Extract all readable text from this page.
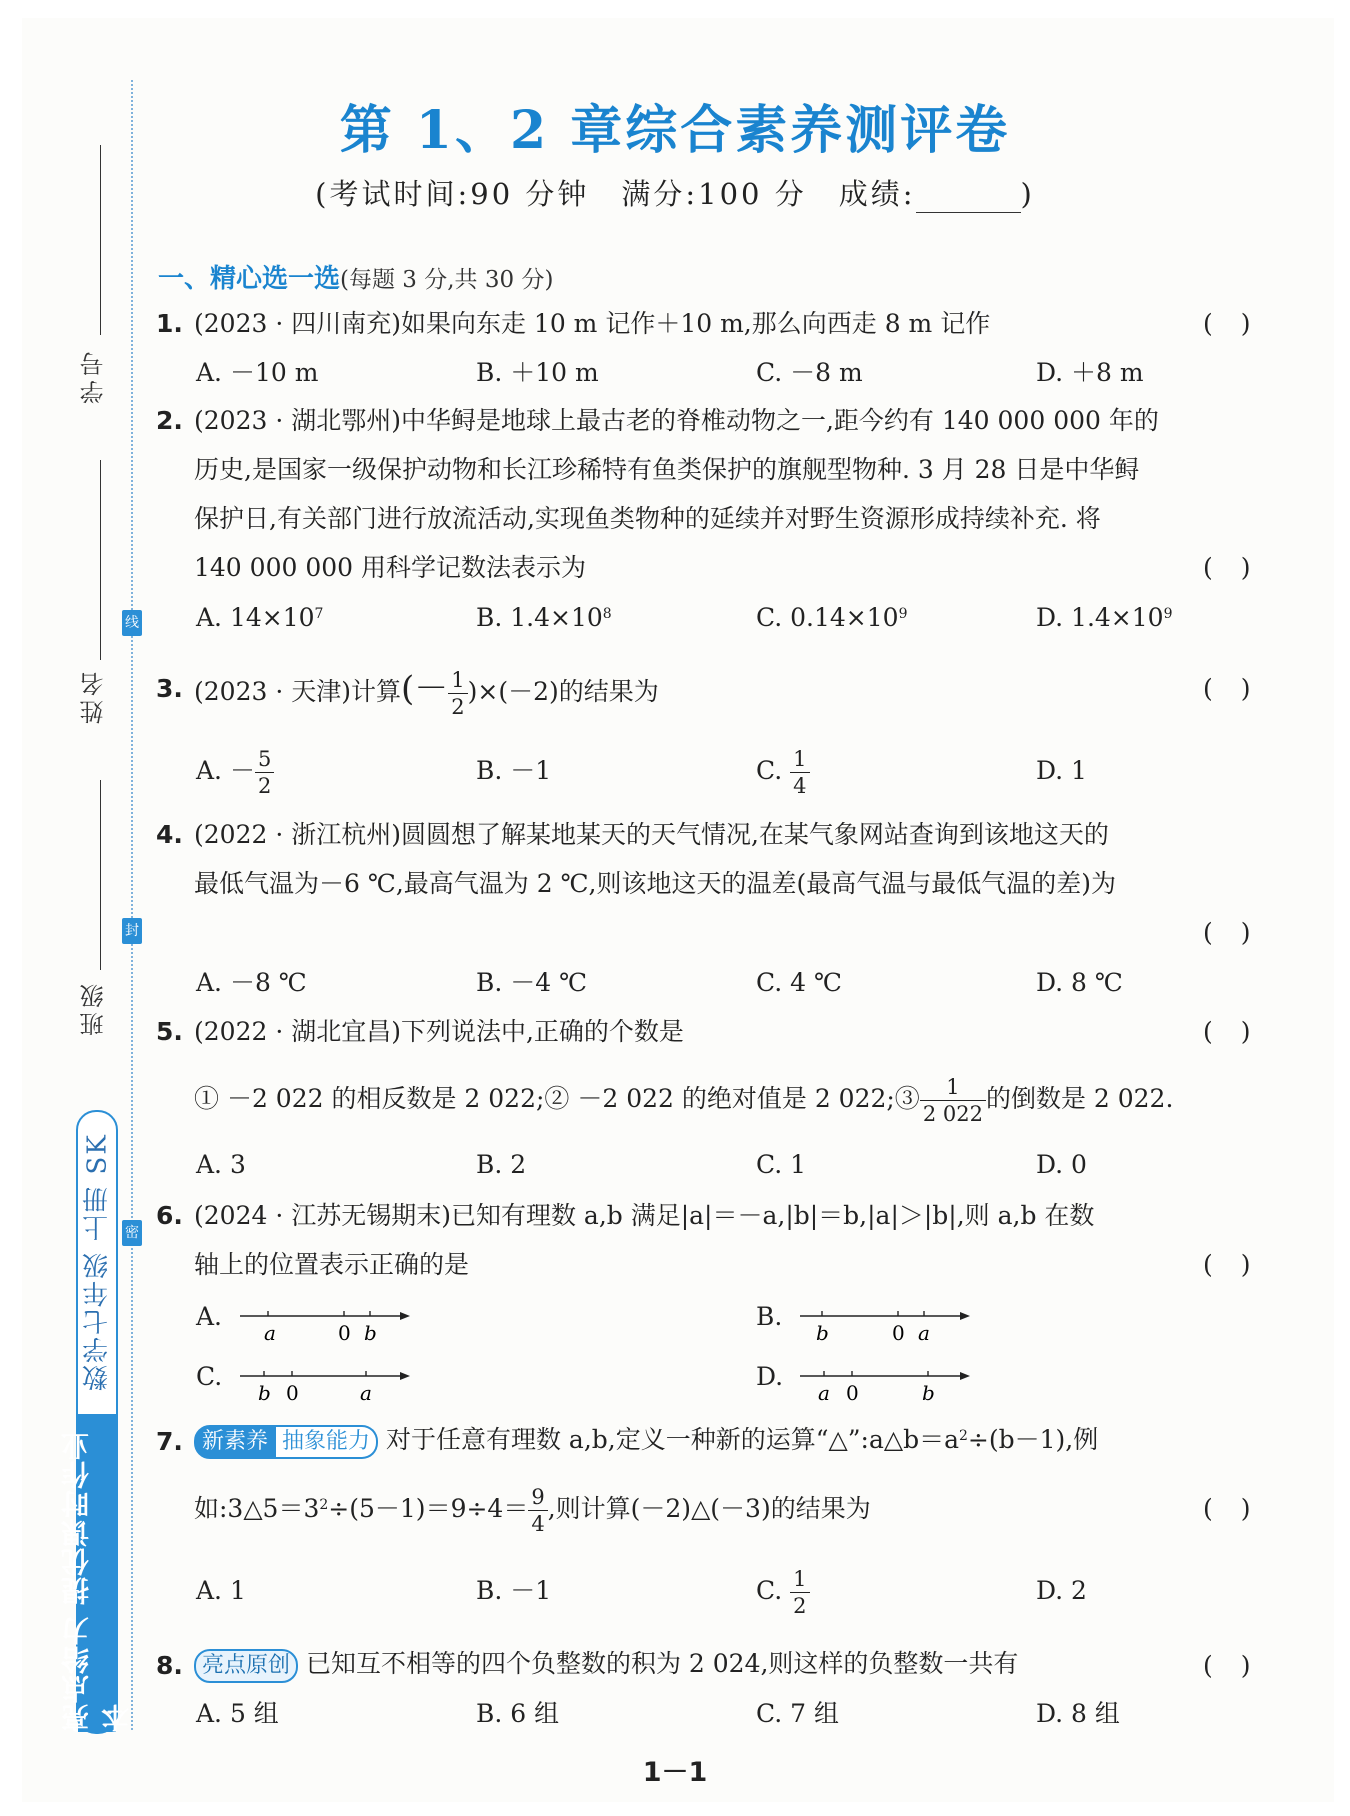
线
封
密
学号
姓名
班级
数学七年级 上册 SK
亮点给力 提优课时作业本
第 1、2 章综合素养测评卷
(考试时间:90 分钟　满分:100 分　成绩:	)
一、精心选一选(每题 3 分,共 30 分)
1. (2023 · 四川南充)如果向东走 10 m 记作＋10 m,那么向西走 8 m 记作	()
A. －10 m	B. ＋10 m	C. －8 m	D. ＋8 m
2. (2023 · 湖北鄂州)中华鲟是地球上最古老的脊椎动物之一,距今约有 140 000 000 年的
历史,是国家一级保护动物和长江珍稀特有鱼类保护的旗舰型物种. 3 月 28 日是中华鲟
保护日,有关部门进行放流活动,实现鱼类物种的延续并对野生资源形成持续补充. 将
140 000 000 用科学记数法表示为	()
A. $14\times 10^7$	B. $1.4\times 10^8$	C. $0.14\times 10^9$	D. $1.4\times 10^9$
3. (2023 · 天津)计算(－ $\frac{1}{2} )\times(-2)$的结果为	()
A. － $\frac{5}{2}$	B. －1	C. $\frac{1}{4}$	D. 1
4. (2022 · 浙江杭州)圆圆想了解某地某天的天气情况,在某气象网站查询到该地这天的
最低气温为－6 ℃,最高气温为 2 ℃,则该地这天的温差(最高气温与最低气温的差)为
()
A. －8 ℃	B. －4 ℃	C. 4 ℃	D. 8 ℃
5. (2022 · 湖北宜昌)下列说法中,正确的个数是	()
① －2 022 的相反数是 2 022;② －2 022 的绝对值是 2 022;③ $\frac{1}{2 022}$ 的倒数是 2 022.
A. 3	B. 2	C. 1	D. 0
6. (2024 · 江苏无锡期末)已知有理数 a,b 满足|a|＝－a,|b|＝b,|a|＞|b|,则 a,b 在数
轴上的位置表示正确的是	()
A.
a	0 b
B.
b	0 a
C.
b 0	a
D.
a 0	b
7. 新素养 抽象能力 对于任意有理数 a,b,定义一种新的运算“$\triangle”:a\triangle b=a^2\div(b-1)$,例
如$:3\triangle 5=3^2\div(5-1)=9\div 4= \frac{9}{4}$ ,则计算(－2)△(－3)的结果为	()
A. 1	B. －1	C. $\frac{1}{2}$	D. 2
8. 亮点原创 已知互不相等的四个负整数的积为 2 024,则这样的负整数一共有	()
A. 5 组	B. 6 组	C. 7 组	D. 8 组
1－1
